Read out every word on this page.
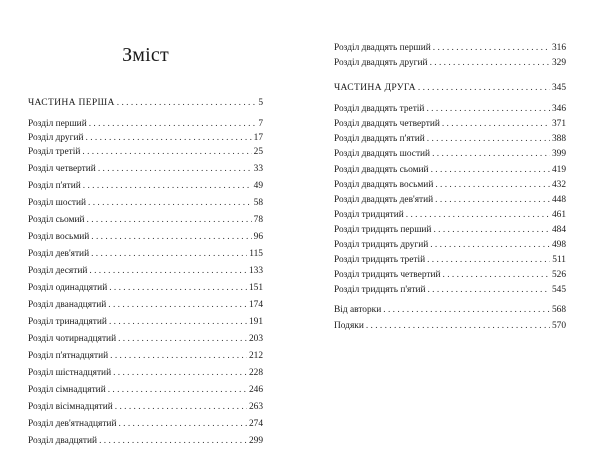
Зміст
ЧАСТИНА ПЕРША . . .	5
Розділ перший . . .	7
Розділ другий . . .	17
Розділ третій . . .	25
Розділ четвертий . . .	33
Розділ п'ятий . . .	49
Розділ шостий . . .	58
Розділ сьомий . . .	78
Розділ восьмий . . .	96
Розділ дев'ятий . . .	115
Розділ десятий . . .	133
Розділ одинадцятий . . .	151
Розділ дванадцятий . . .	174
Розділ тринадцятий . . .	191
Розділ чотирнадцятий . . .	203
Розділ п'ятнадцятий . . .	212
Розділ шістнадцятий . . .	228
Розділ сімнадцятий . . .	246
Розділ вісімнадцятий . . .	263
Розділ дев'ятнадцятий . . .	274
Розділ двадцятий . . .	299
Розділ двадцять перший . . .	316
Розділ двадцять другий . . .	329
ЧАСТИНА ДРУГА . . .	345
Розділ двадцять третій . . .	346
Розділ двадцять четвертий . . .	371
Розділ двадцять п'ятий . . .	388
Розділ двадцять шостий . . .	399
Розділ двадцять сьомий . . .	419
Розділ двадцять восьмий . . .	432
Розділ двадцять дев'ятий . . .	448
Розділ тридцятий . . .	461
Розділ тридцять перший . . .	484
Розділ тридцять другий . . .	498
Розділ тридцять третій . . .	511
Розділ тридцять четвертий . . .	526
Розділ тридцять п'ятий . . .	545
Від авторки . . .	568
Подяки . . .	570
